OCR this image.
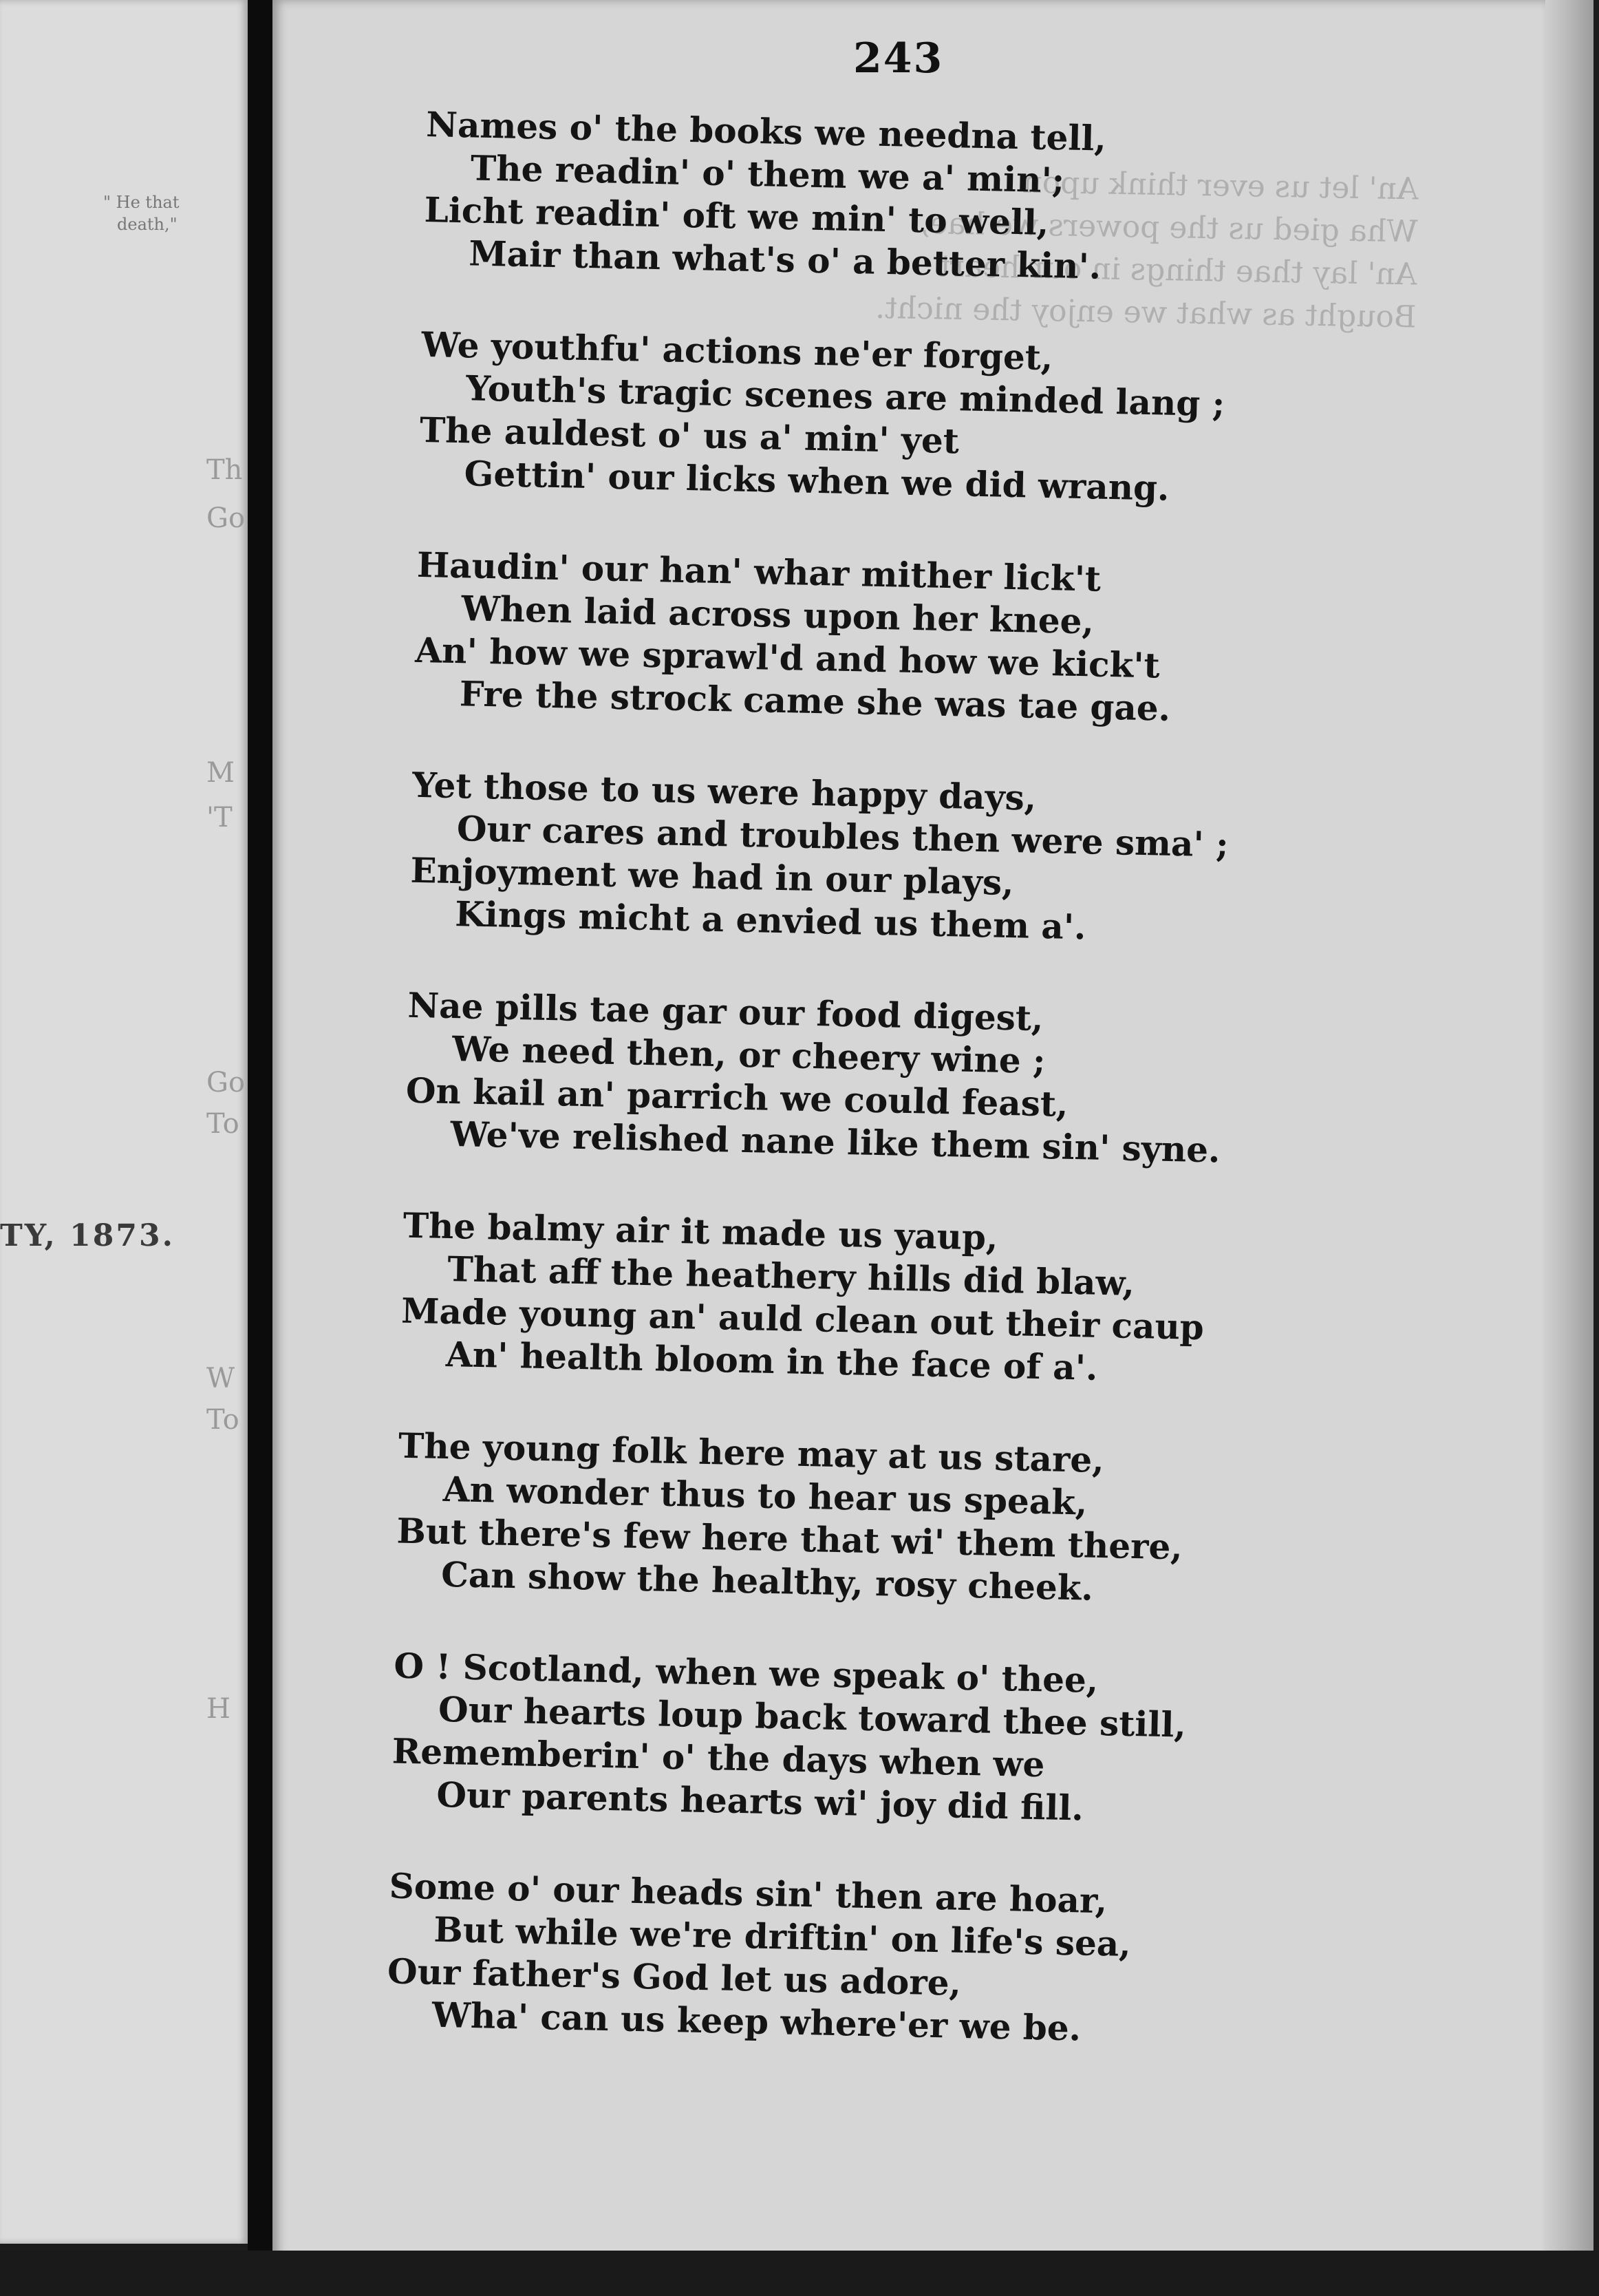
" He that
death,"
Th
Go
M
'T
Go
To
TY, 1873.
W
To
H
An' let us ever think upon
Wha gied us the powers we hae,
An' lay thae things in our heart
Bought as what we enjoy the nicht.
243
Names o' the books we needna tell,
The readin' o' them we a' min';
Licht readin' oft we min' to well,
Mair than what's o' a better kin'.
We youthfu' actions ne'er forget,
Youth's tragic scenes are minded lang ;
The auldest o' us a' min' yet
Gettin' our licks when we did wrang.
Haudin' our han' whar mither lick't
When laid across upon her knee,
An' how we sprawl'd and how we kick't
Fre the strock came she was tae gae.
Yet those to us were happy days,
Our cares and troubles then were sma' ;
Enjoyment we had in our plays,
Kings micht a envied us them a'.
Nae pills tae gar our food digest,
We need then, or cheery wine ;
On kail an' parrich we could feast,
We've relished nane like them sin' syne.
The balmy air it made us yaup,
That aff the heathery hills did blaw,
Made young an' auld clean out their caup
An' health bloom in the face of a'.
The young folk here may at us stare,
An wonder thus to hear us speak,
But there's few here that wi' them there,
Can show the healthy, rosy cheek.
O ! Scotland, when we speak o' thee,
Our hearts loup back toward thee still,
Rememberin' o' the days when we
Our parents hearts wi' joy did fill.
Some o' our heads sin' then are hoar,
But while we're driftin' on life's sea,
Our father's God let us adore,
Wha' can us keep where'er we be.
